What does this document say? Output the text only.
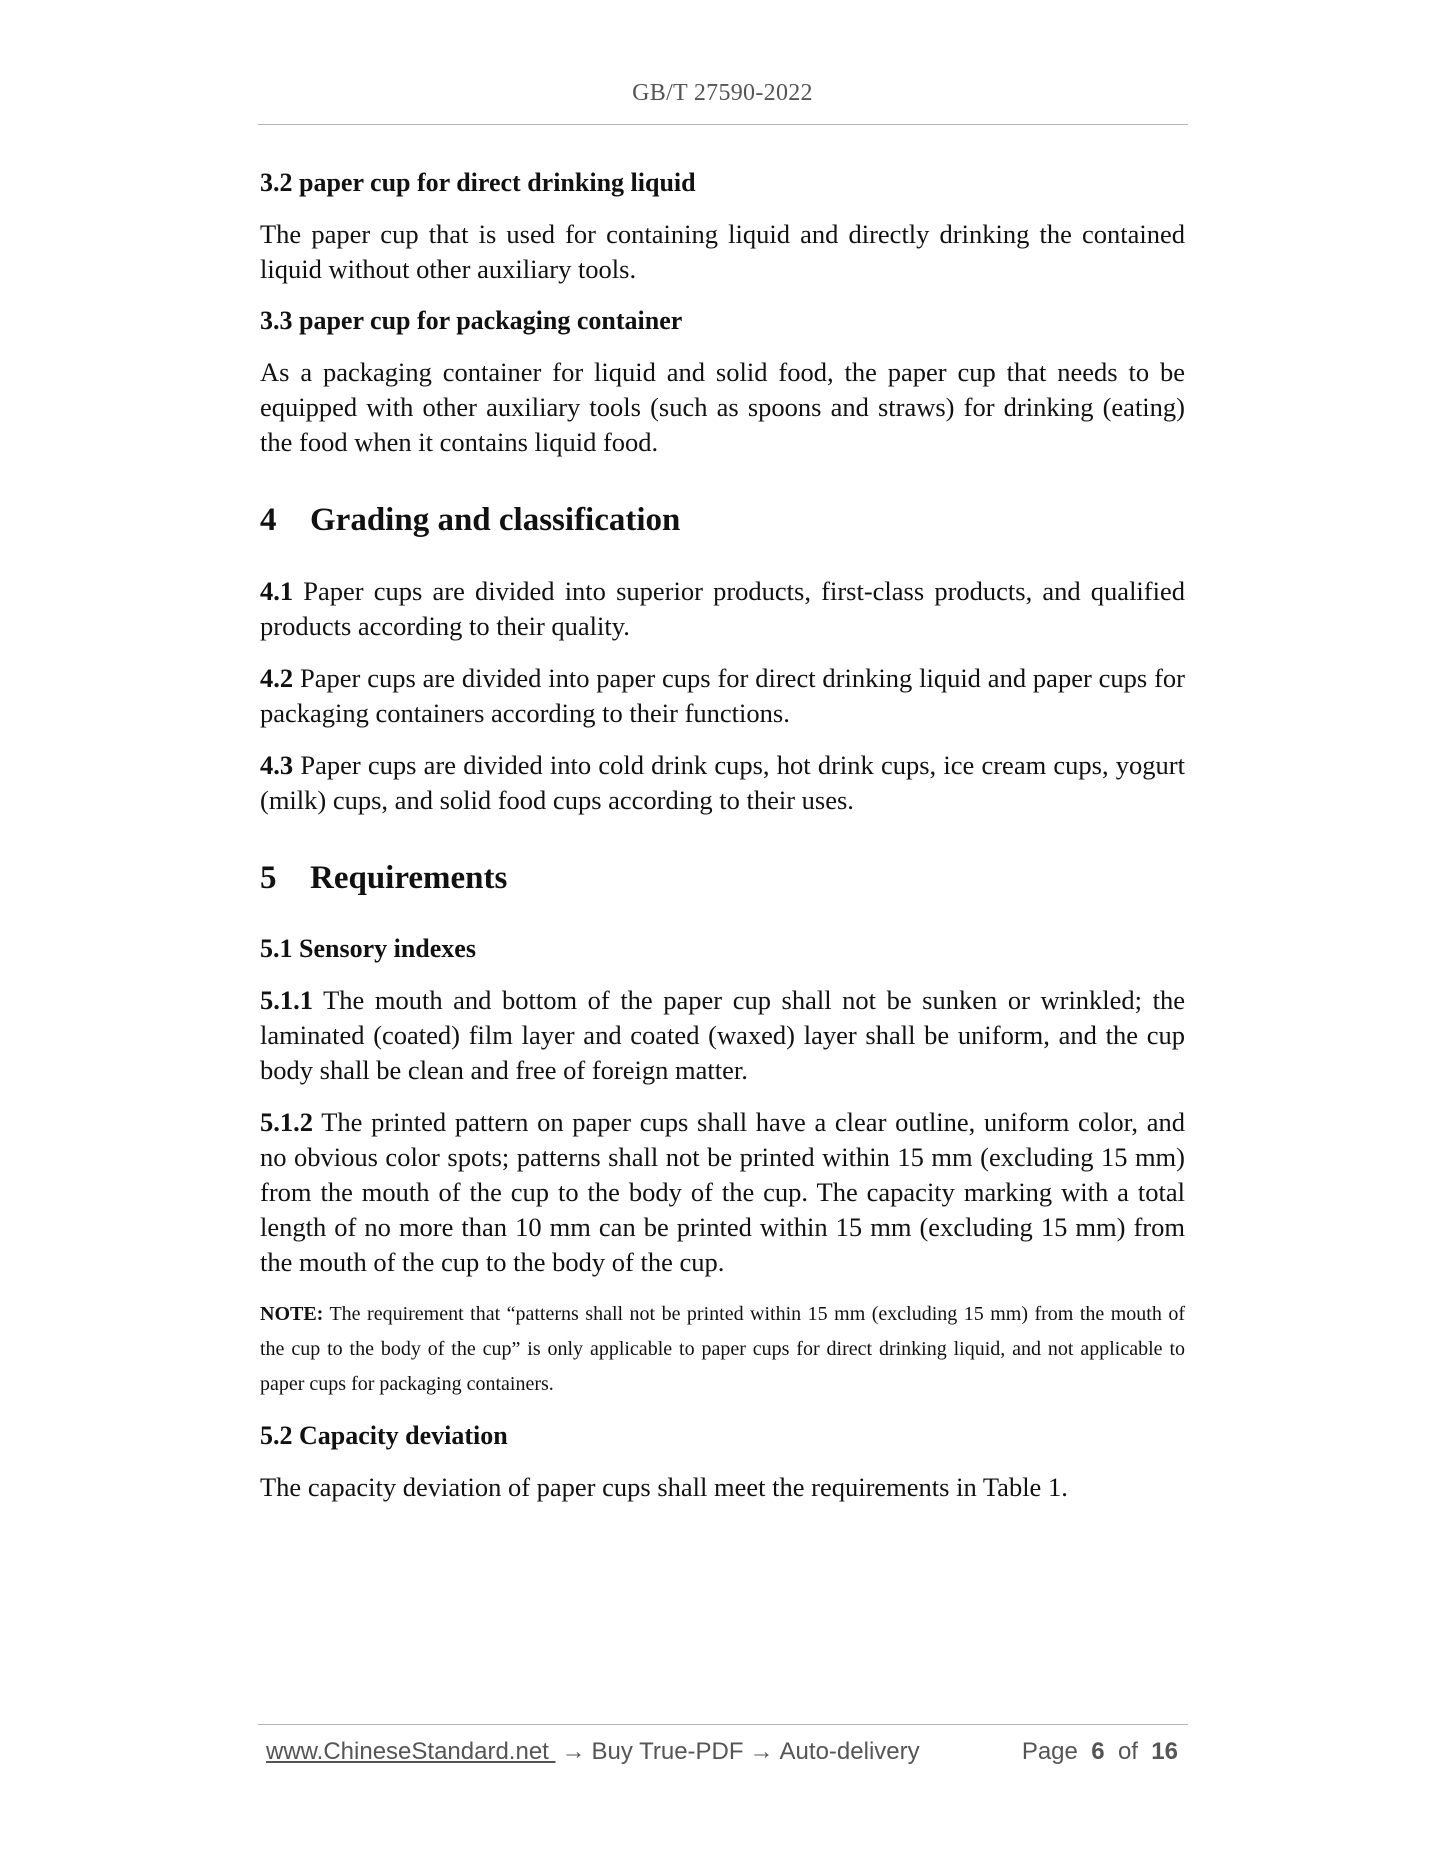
GB/T 27590-2022

3.2 paper cup for direct drinking liquid

The paper cup that is used for containing liquid and directly drinking the contained liquid without other auxiliary tools.

3.3 paper cup for packaging container

As a packaging container for liquid and solid food, the paper cup that needs to be equipped with other auxiliary tools (such as spoons and straws) for drinking (eating) the food when it contains liquid food.

4	Grading and classification

4.1 Paper cups are divided into superior products, first-class products, and qualified products according to their quality.

4.2 Paper cups are divided into paper cups for direct drinking liquid and paper cups for packaging containers according to their functions.

4.3 Paper cups are divided into cold drink cups, hot drink cups, ice cream cups, yogurt (milk) cups, and solid food cups according to their uses.

5	Requirements

5.1 Sensory indexes

5.1.1 The mouth and bottom of the paper cup shall not be sunken or wrinkled; the laminated (coated) film layer and coated (waxed) layer shall be uniform, and the cup body shall be clean and free of foreign matter.

5.1.2 The printed pattern on paper cups shall have a clear outline, uniform color, and no obvious color spots; patterns shall not be printed within 15 mm (excluding 15 mm) from the mouth of the cup to the body of the cup. The capacity marking with a total length of no more than 10 mm can be printed within 15 mm (excluding 15 mm) from the mouth of the cup to the body of the cup.

NOTE: The requirement that “patterns shall not be printed within 15 mm (excluding 15 mm) from the mouth of the cup to the body of the cup” is only applicable to paper cups for direct drinking liquid, and not applicable to paper cups for packaging containers.

5.2 Capacity deviation

The capacity deviation of paper cups shall meet the requirements in Table 1.

www.ChineseStandard.net → Buy True-PDF → Auto-delivery	Page 6 of 16
